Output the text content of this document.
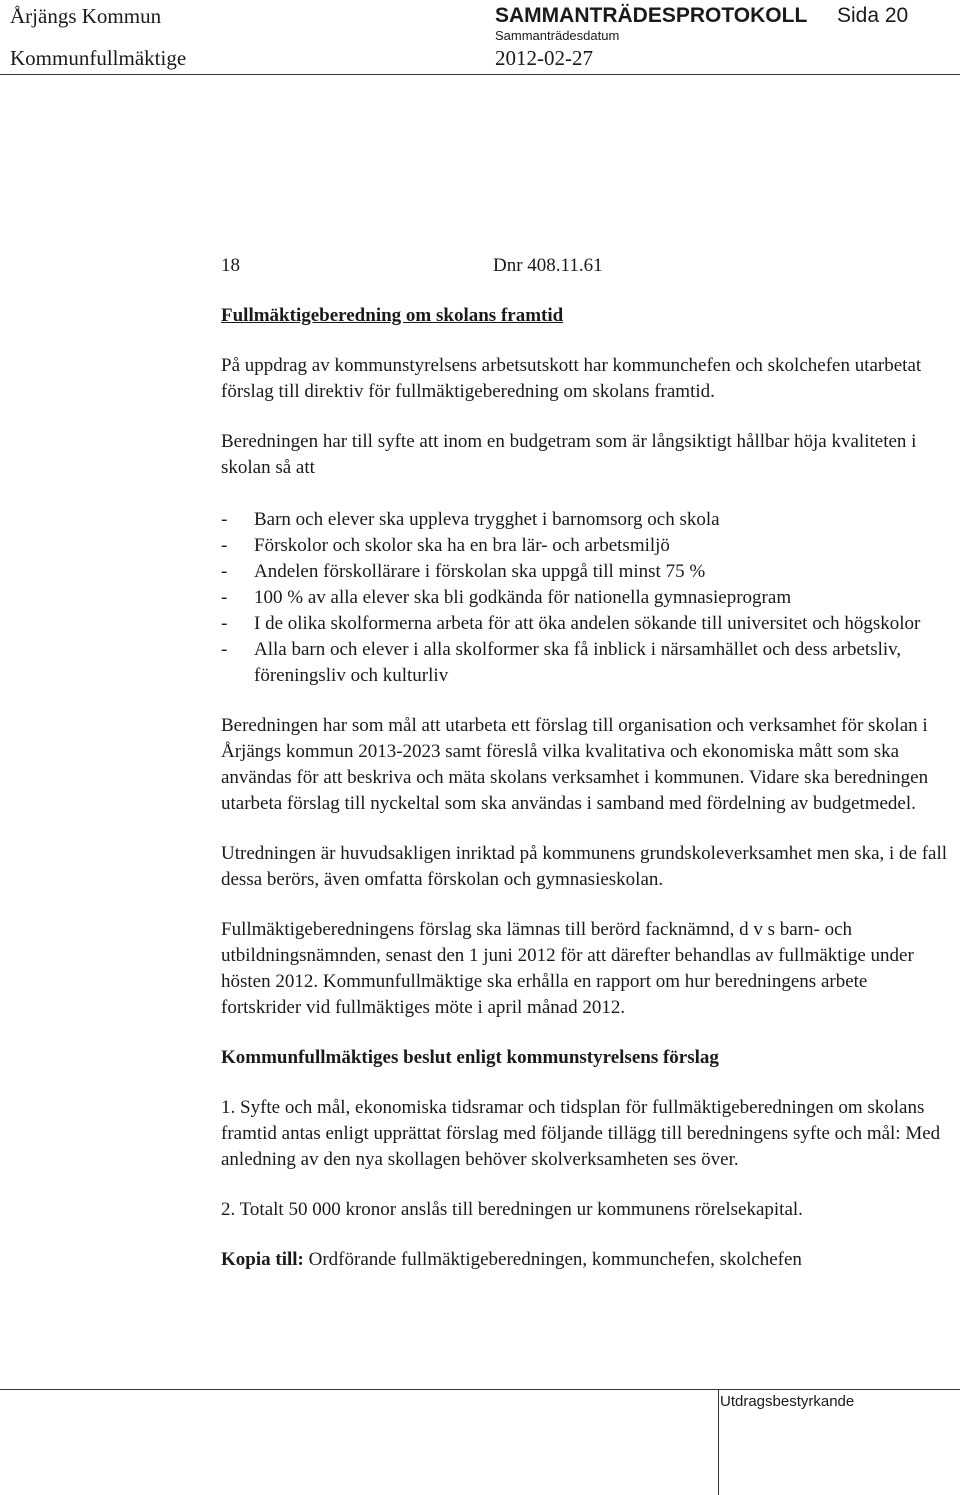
Årjängs Kommun	SAMMANTRÄDESPROTOKOLL Sida 20
Kommunfullmäktige
Sammanträdesdatum
2012-02-27
18	Dnr 408.11.61

Fullmäktigeberedning om skolans framtid

På uppdrag av kommunstyrelsens arbetsutskott har kommunchefen och skolchefen utarbetat förslag till direktiv för fullmäktigeberedning om skolans framtid.

Beredningen har till syfte att inom en budgetram som är långsiktigt hållbar höja kvaliteten i skolan så att

- Barn och elever ska uppleva trygghet i barnomsorg och skola
- Förskolor och skolor ska ha en bra lär- och arbetsmiljö
- Andelen förskollärare i förskolan ska uppgå till minst 75 %
- 100 % av alla elever ska bli godkända för nationella gymnasieprogram
- I de olika skolformerna arbeta för att öka andelen sökande till universitet och högskolor
- Alla barn och elever i alla skolformer ska få inblick i närsamhället och dess arbetsliv, föreningsliv och kulturliv

Beredningen har som mål att utarbeta ett förslag till organisation och verksamhet för skolan i Årjängs kommun 2013-2023 samt föreslå vilka kvalitativa och ekonomiska mått som ska användas för att beskriva och mäta skolans verksamhet i kommunen. Vidare ska beredningen utarbeta förslag till nyckeltal som ska användas i samband med fördelning av budgetmedel.

Utredningen är huvudsakligen inriktad på kommunens grundskoleverksamhet men ska, i de fall dessa berörs, även omfatta förskolan och gymnasieskolan.

Fullmäktigeberedningens förslag ska lämnas till berörd facknämnd, d v s barn- och utbildningsnämnden, senast den 1 juni 2012 för att därefter behandlas av fullmäktige under hösten 2012. Kommunfullmäktige ska erhålla en rapport om hur beredningens arbete fortskrider vid fullmäktiges möte i april månad 2012.

Kommunfullmäktiges beslut enligt kommunstyrelsens förslag

1. Syfte och mål, ekonomiska tidsramar och tidsplan för fullmäktigeberedningen om skolans framtid antas enligt upprättat förslag med följande tillägg till beredningens syfte och mål: Med anledning av den nya skollagen behöver skolverksamheten ses över.

2. Totalt 50 000 kronor anslås till beredningen ur kommunens rörelsekapital.

Kopia till: Ordförande fullmäktigeberedningen, kommunchefen, skolchefen

Utdragsbestyrkande
